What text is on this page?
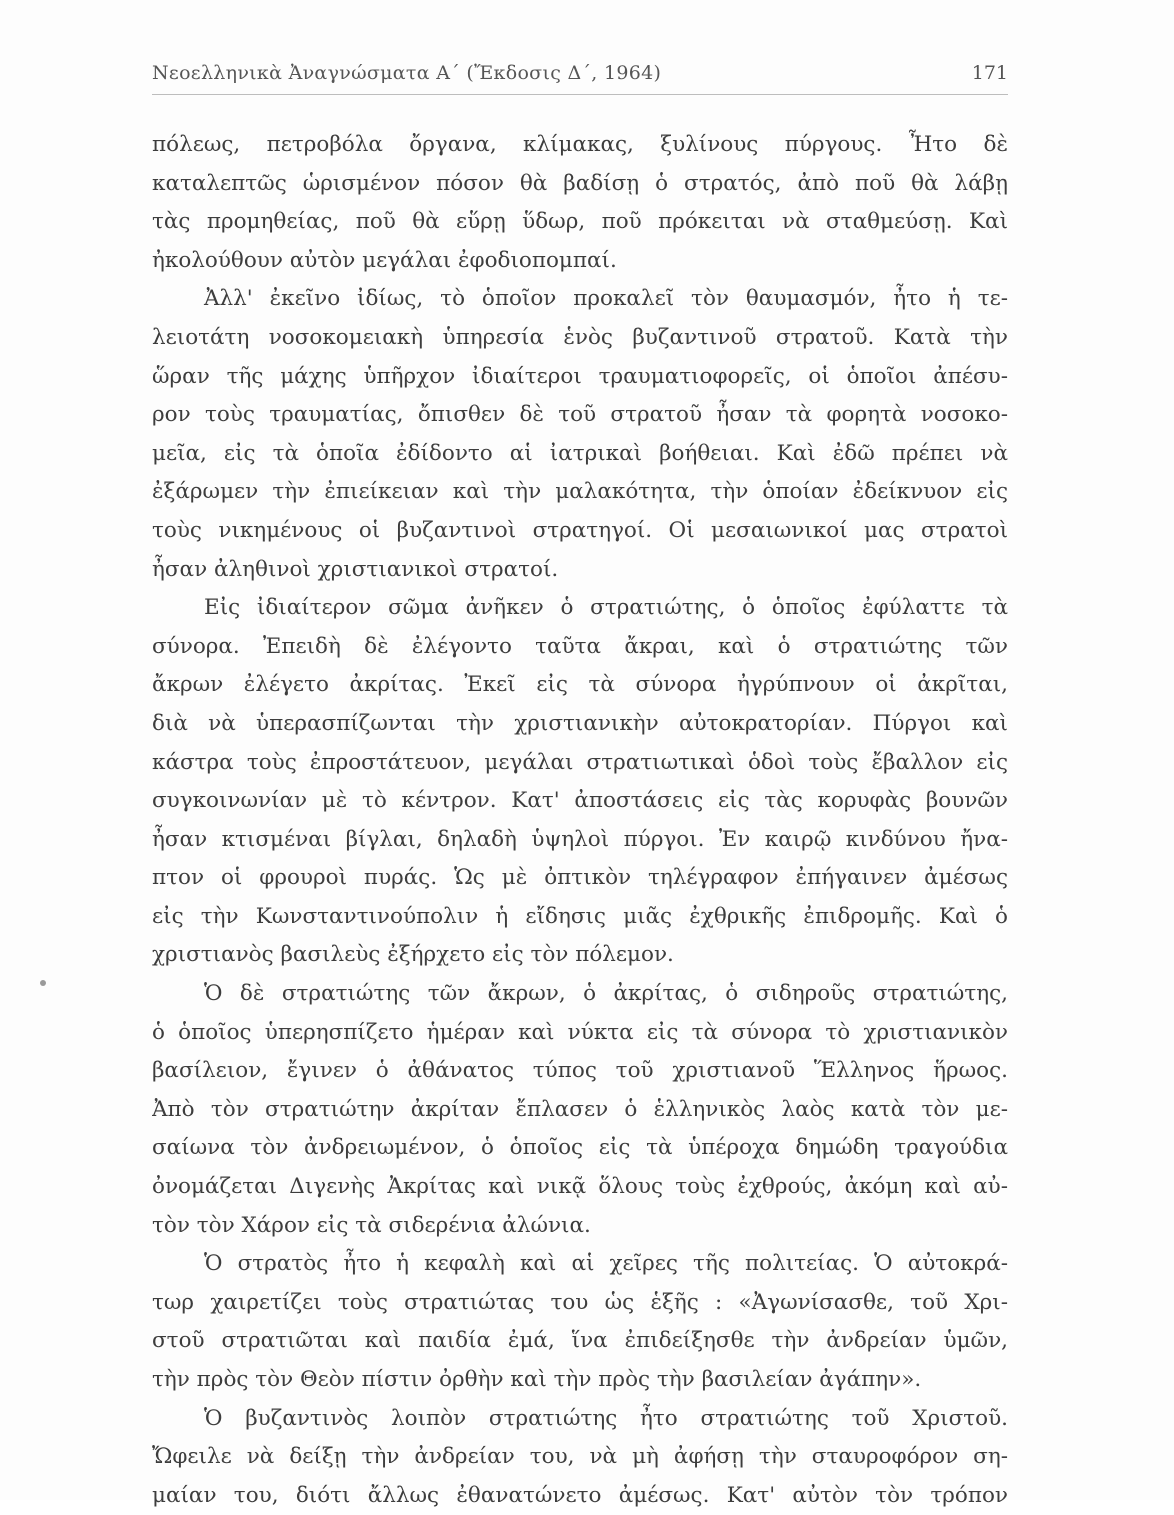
Νεοελληνικὰ Ἀναγνώσματα Α΄ (Ἔκδοσις Δ΄, 1964)	171
πόλεως, πετροβόλα ὄργανα, κλίμακας, ξυλίνους πύργους. Ἦτο δὲ
καταλεπτῶς ὡρισμένον πόσον θὰ βαδίσῃ ὁ στρατός, ἀπὸ ποῦ θὰ λάβῃ
τὰς προμηθείας, ποῦ θὰ εὕρῃ ὕδωρ, ποῦ πρόκειται νὰ σταθμεύσῃ. Καὶ
ἠκολούθουν αὐτὸν μεγάλαι ἐφοδιοπομπαί.
Ἀλλ' ἐκεῖνο ἰδίως, τὸ ὁποῖον προκαλεῖ τὸν θαυμασμόν, ἦτο ἡ τε-
λειοτάτη νοσοκομειακὴ ὑπηρεσία ἑνὸς βυζαντινοῦ στρατοῦ. Κατὰ τὴν
ὥραν τῆς μάχης ὑπῆρχον ἰδιαίτεροι τραυματιοφορεῖς, οἱ ὁποῖοι ἀπέσυ-
ρον τοὺς τραυματίας, ὄπισθεν δὲ τοῦ στρατοῦ ἦσαν τὰ φορητὰ νοσοκο-
μεῖα, εἰς τὰ ὁποῖα ἐδίδοντο αἱ ἰατρικαὶ βοήθειαι. Καὶ ἐδῶ πρέπει νὰ
ἐξάρωμεν τὴν ἐπιείκειαν καὶ τὴν μαλακότητα, τὴν ὁποίαν ἐδείκνυον εἰς
τοὺς νικημένους οἱ βυζαντινοὶ στρατηγοί. Οἱ μεσαιωνικοί μας στρατοὶ
ἦσαν ἀληθινοὶ χριστιανικοὶ στρατοί.
Εἰς ἰδιαίτερον σῶμα ἀνῆκεν ὁ στρατιώτης, ὁ ὁποῖος ἐφύλαττε τὰ
σύνορα. Ἐπειδὴ δὲ ἐλέγοντο ταῦτα ἄκραι, καὶ ὁ στρατιώτης τῶν
ἄκρων ἐλέγετο ἀκρίτας. Ἐκεῖ εἰς τὰ σύνορα ἠγρύπνουν οἱ ἀκρῖται,
διὰ νὰ ὑπερασπίζωνται τὴν χριστιανικὴν αὐτοκρατορίαν. Πύργοι καὶ
κάστρα τοὺς ἐπροστάτευον, μεγάλαι στρατιωτικαὶ ὁδοὶ τοὺς ἔβαλλον εἰς
συγκοινωνίαν μὲ τὸ κέντρον. Κατ' ἀποστάσεις εἰς τὰς κορυφὰς βουνῶν
ἦσαν κτισμέναι βίγλαι, δηλαδὴ ὑψηλοὶ πύργοι. Ἐν καιρῷ κινδύνου ἤνα-
πτον οἱ φρουροὶ πυράς. Ὡς μὲ ὀπτικὸν τηλέγραφον ἐπήγαινεν ἀμέσως
εἰς τὴν Κωνσταντινούπολιν ἡ εἴδησις μιᾶς ἐχθρικῆς ἐπιδρομῆς. Καὶ ὁ
χριστιανὸς βασιλεὺς ἐξήρχετο εἰς τὸν πόλεμον.
Ὁ δὲ στρατιώτης τῶν ἄκρων, ὁ ἀκρίτας, ὁ σιδηροῦς στρατιώτης,
ὁ ὁποῖος ὑπερησπίζετο ἡμέραν καὶ νύκτα εἰς τὰ σύνορα τὸ χριστιανικὸν
βασίλειον, ἔγινεν ὁ ἀθάνατος τύπος τοῦ χριστιανοῦ Ἕλληνος ἥρωος.
Ἀπὸ τὸν στρατιώτην ἀκρίταν ἔπλασεν ὁ ἑλληνικὸς λαὸς κατὰ τὸν με-
σαίωνα τὸν ἀνδρειωμένον, ὁ ὁποῖος εἰς τὰ ὑπέροχα δημώδη τραγούδια
ὀνομάζεται Διγενὴς Ἀκρίτας καὶ νικᾷ ὅλους τοὺς ἐχθρούς, ἀκόμη καὶ αὐ-
τὸν τὸν Χάρον εἰς τὰ σιδερένια ἀλώνια.
Ὁ στρατὸς ἦτο ἡ κεφαλὴ καὶ αἱ χεῖρες τῆς πολιτείας. Ὁ αὐτοκρά-
τωρ χαιρετίζει τοὺς στρατιώτας του ὡς ἑξῆς : «Ἀγωνίσασθε, τοῦ Χρι-
στοῦ στρατιῶται καὶ παιδία ἐμά, ἵνα ἐπιδείξησθε τὴν ἀνδρείαν ὑμῶν,
τὴν πρὸς τὸν Θεὸν πίστιν ὀρθὴν καὶ τὴν πρὸς τὴν βασιλείαν ἀγάπην».
Ὁ βυζαντινὸς λοιπὸν στρατιώτης ἦτο στρατιώτης τοῦ Χριστοῦ.
Ὤφειλε νὰ δείξῃ τὴν ἀνδρείαν του, νὰ μὴ ἀφήσῃ τὴν σταυροφόρον ση-
μαίαν του, διότι ἄλλως ἐθανατώνετο ἀμέσως. Κατ' αὐτὸν τὸν τρόπον
